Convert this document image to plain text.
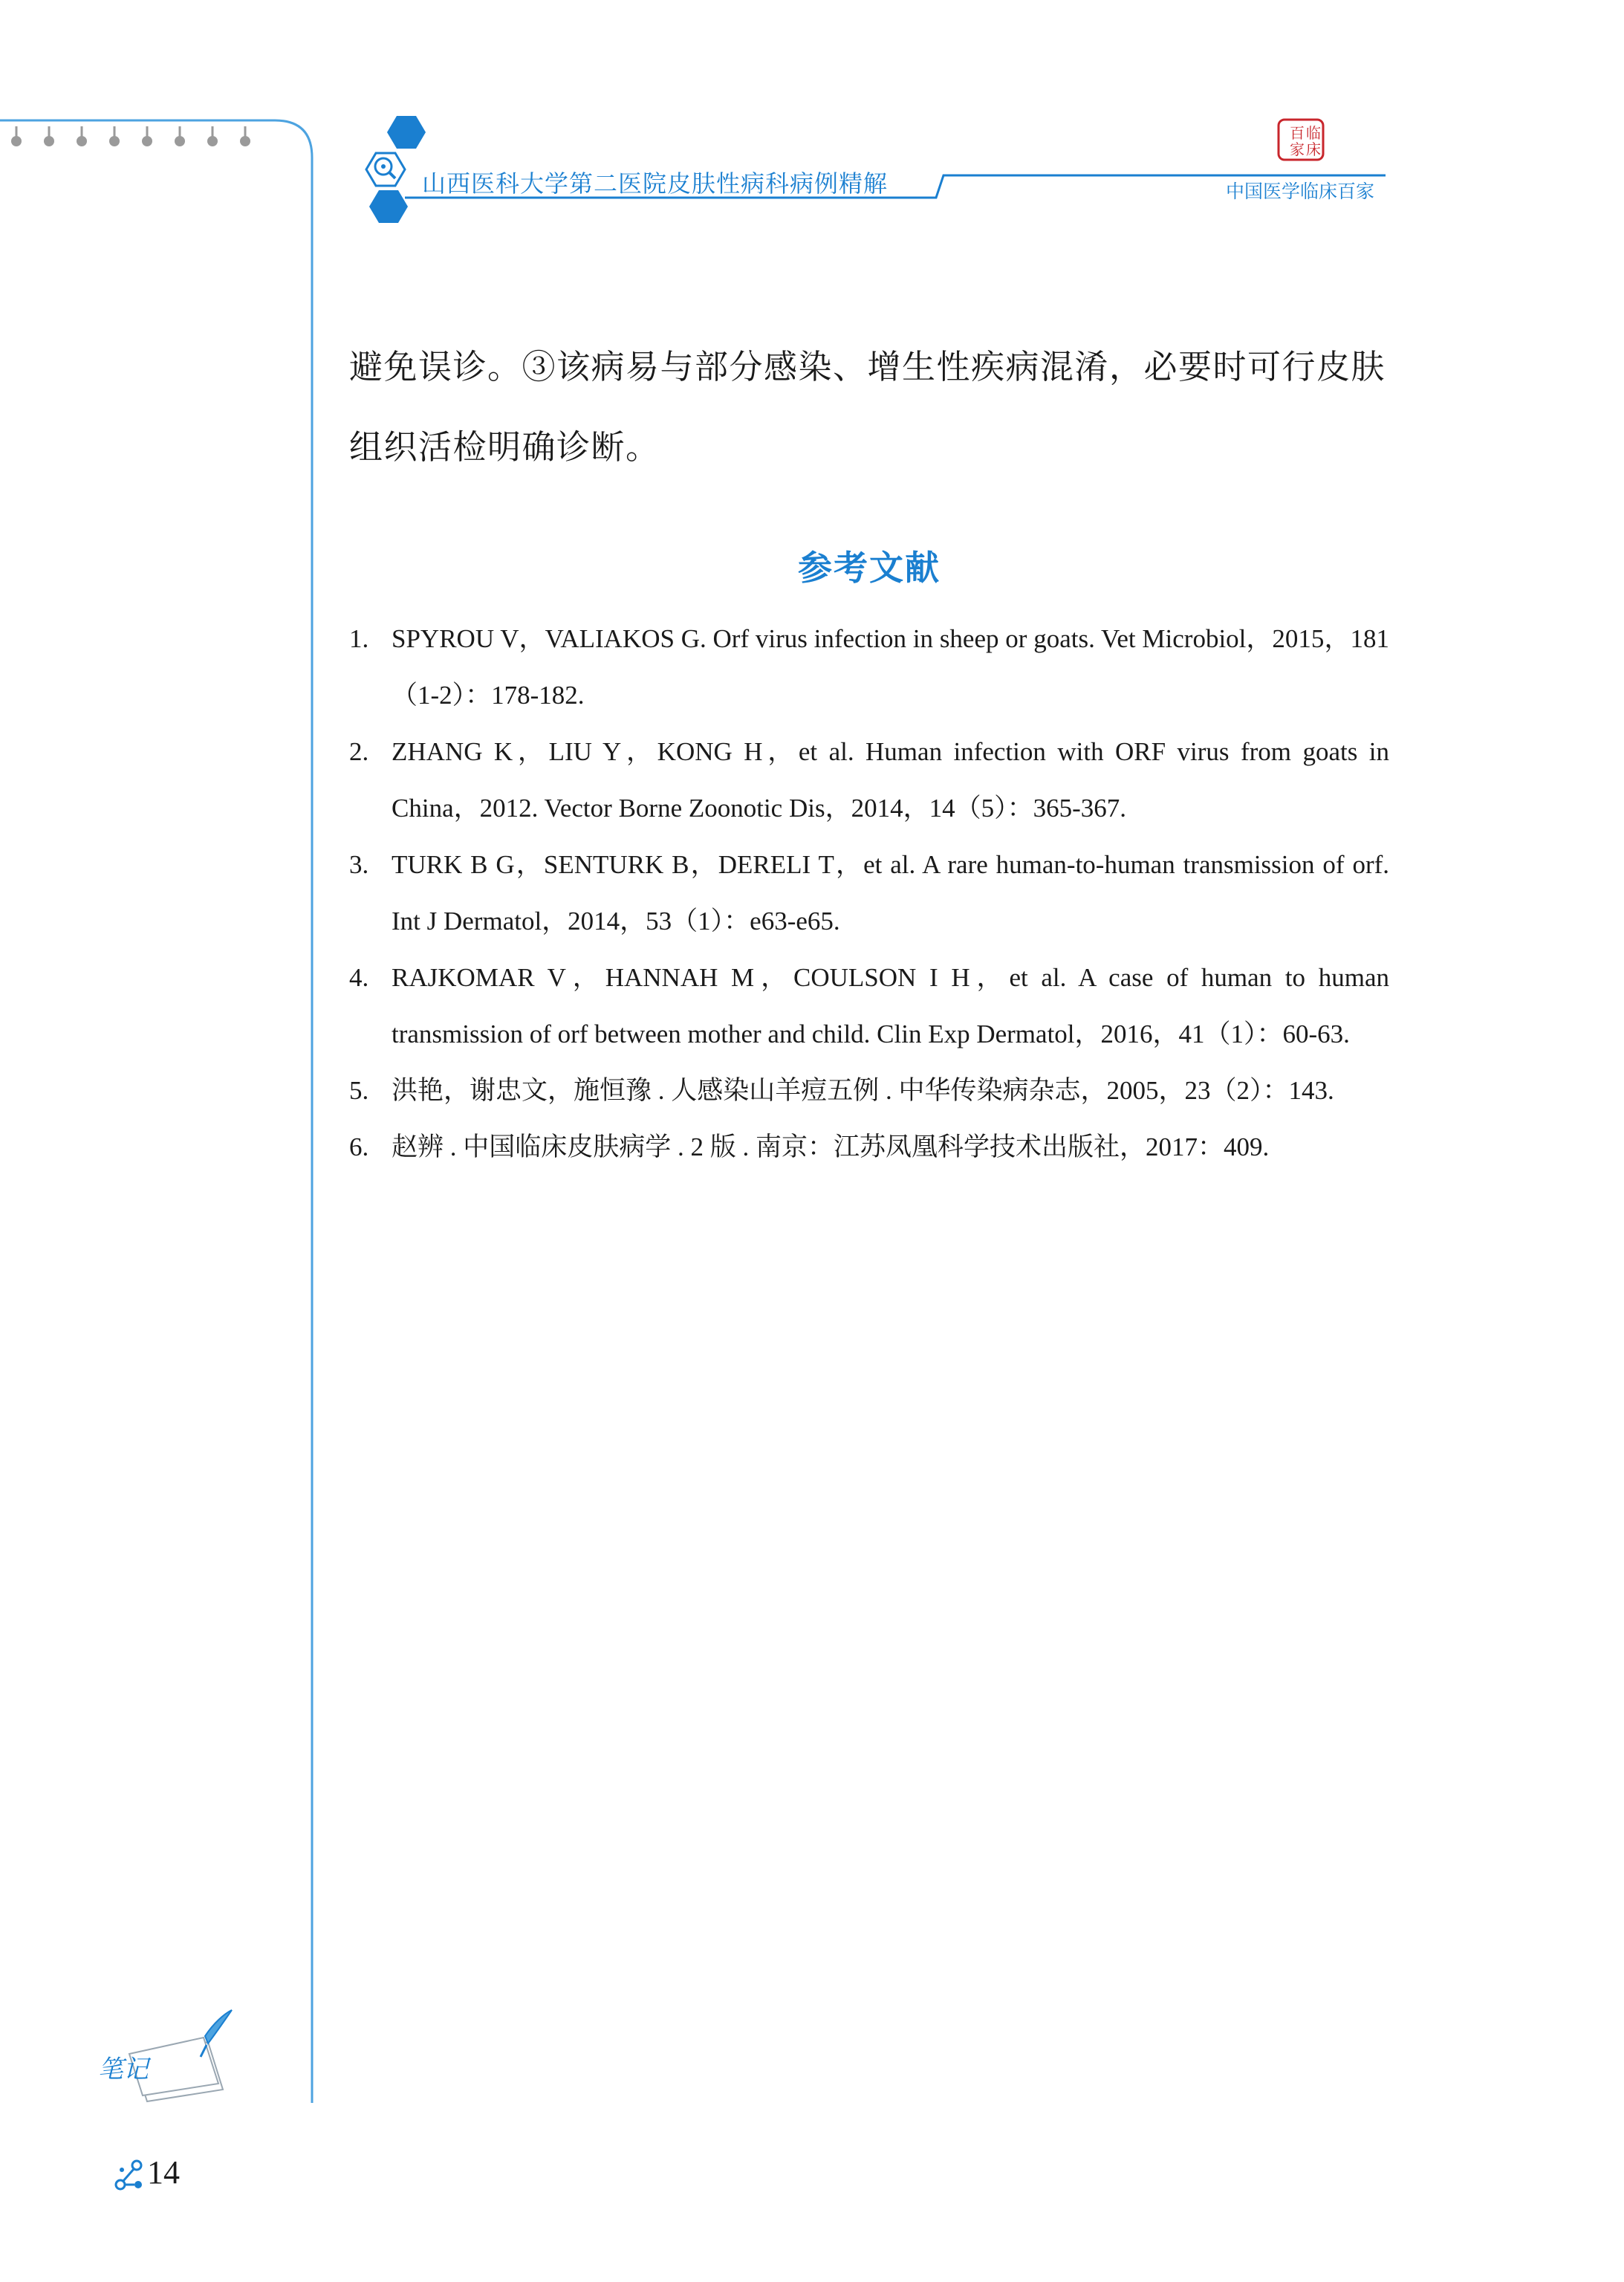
山西医科大学第二医院皮肤性病科病例精解
百 临
家 床
中国医学临床百家

避免误诊。③该病易与部分感染、增生性疾病混淆，必要时可行皮肤组织活检明确诊断。

参考文献
1. SPYROU V，VALIAKOS G. Orf virus infection in sheep or goats. Vet Microbiol，2015，181（1-2）：178-182.
2. ZHANG K，LIU Y，KONG H，et al. Human infection with ORF virus from goats in China，2012. Vector Borne Zoonotic Dis，2014，14（5）：365-367.
3. TURK B G，SENTURK B，DERELI T，et al. A rare human-to-human transmission of orf. Int J Dermatol，2014，53（1）：e63-e65.
4. RAJKOMAR V，HANNAH M，COULSON I H，et al. A case of human to human transmission of orf between mother and child. Clin Exp Dermatol，2016，41（1）：60-63.
5. 洪艳，谢忠文，施恒豫 . 人感染山羊痘五例 . 中华传染病杂志，2005，23（2）：143.
6. 赵辨 . 中国临床皮肤病学 . 2 版 . 南京：江苏凤凰科学技术出版社，2017：409.
笔记
14
